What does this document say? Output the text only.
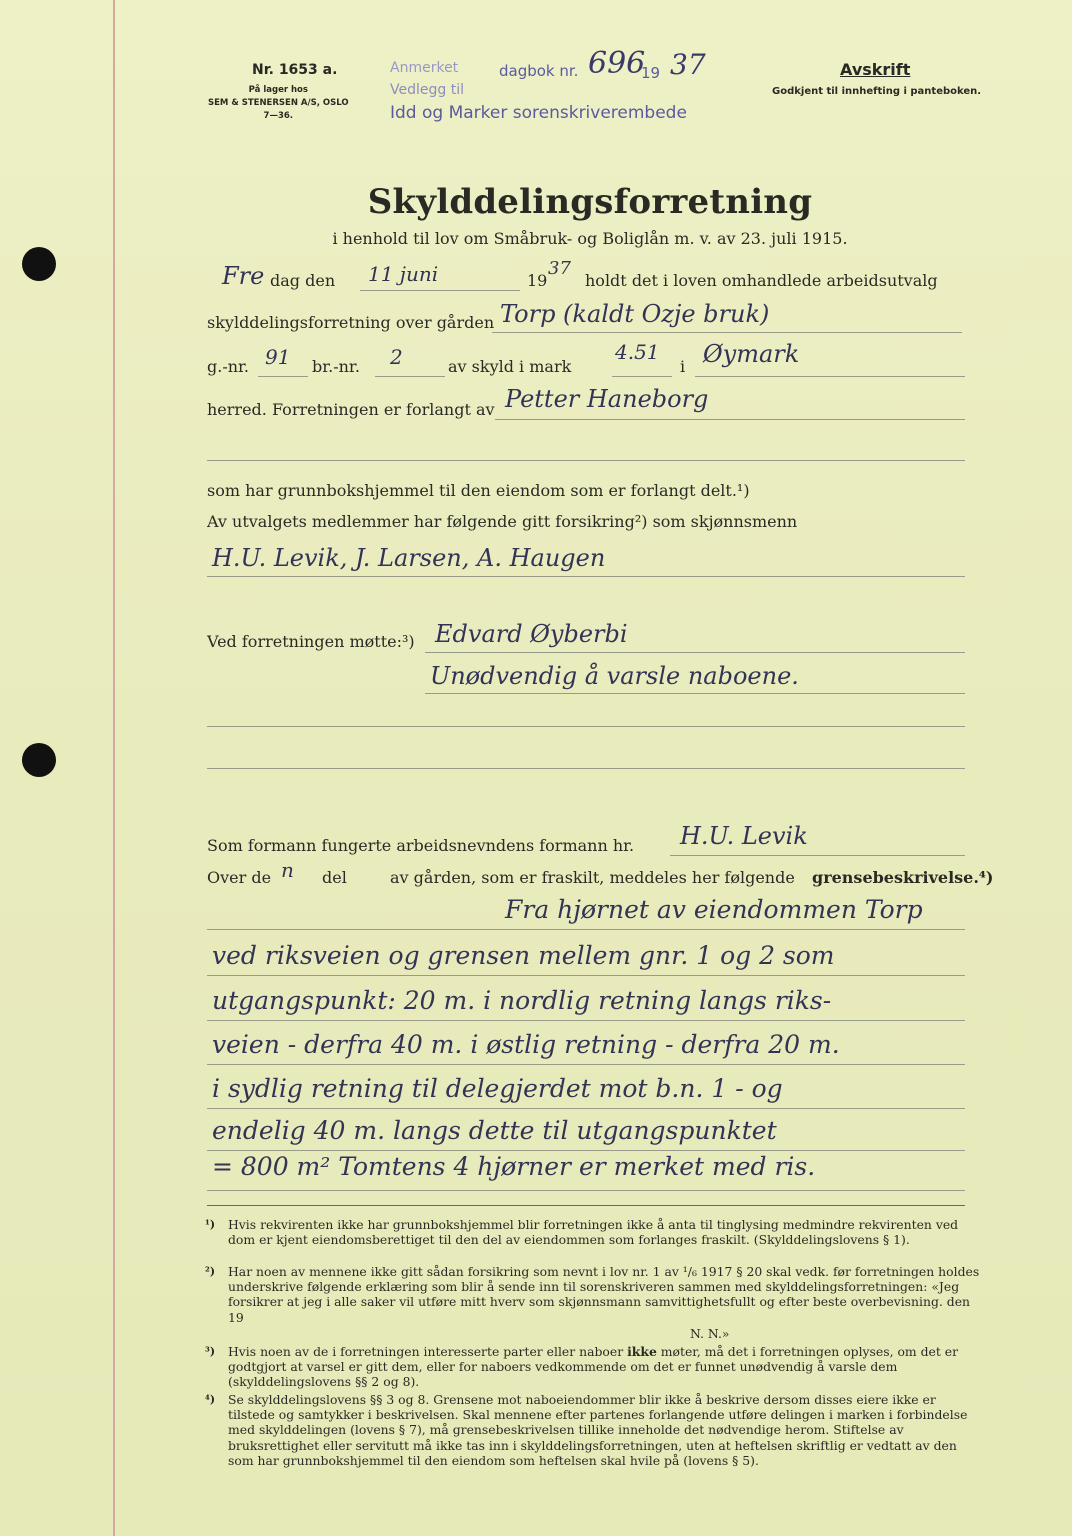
Nr. 1653 a.
På lager hos
SEM & STENERSEN A/S, OSLO
7—36.
Anmerket
Vedlegg til
dagbok nr. 696
19 37
Idd og Marker sorenskriverembede
Avskrift
Godkjent til innhefting i panteboken.
Skylddelingsforretning
i henhold til lov om Småbruk- og Boliglån m. v. av 23. juli 1915.
Fre dag den 11 juni	19
37
holdt det i loven omhandlede arbeidsutvalg
skylddelingsforretning over gården Torp (kaldt Ozje bruk)
g.-nr. 91 br.-nr. 2	av skyld i mark
4.51
i Øymark
herred. Forretningen er forlangt av Petter Haneborg
som har grunnbokshjemmel til den eiendom som er forlangt delt.¹)
Av utvalgets medlemmer har følgende gitt forsikring²) som skjønnsmenn
H.U. Levik, J. Larsen, A. Haugen
Ved forretningen møtte:³) Edvard Øyberbi
Unødvendig å varsle naboene.
Som formann fungerte arbeidsnevndens formann hr. H.U. Levik
Over de n del	av gården, som er fraskilt, meddeles her følgende grensebeskrivelse.⁴)
Fra hjørnet av eiendommen Torp
ved riksveien og grensen mellem gnr. 1 og 2 som
utgangspunkt: 20 m. i nordlig retning langs riks-
veien - derfra 40 m. i østlig retning - derfra 20 m.
i sydlig retning til delegjerdet mot b.n. 1 - og
endelig 40 m. langs dette til utgangspunktet
= 800 m² Tomtens 4 hjørner er merket med ris.
¹) Hvis rekvirenten ikke har grunnbokshjemmel blir forretningen ikke å anta til tinglysing medmindre rekvirenten ved dom er kjent eiendomsberettiget til den del av eiendommen som forlanges fraskilt. (Skylddelingslovens § 1).
²) Har noen av mennene ikke gitt sådan forsikring som nevnt i lov nr. 1 av ¹/₆ 1917 § 20 skal vedk. før forretningen holdes underskrive følgende erklæring som blir å sende inn til sorenskriveren sammen med skylddelingsforretningen: «Jeg forsikrer at jeg i alle saker vil utføre mitt hverv som skjønnsmann samvittighetsfullt og efter beste overbevisning. den 19
N. N.»
³) Hvis noen av de i forretningen interesserte parter eller naboer ikke møter, må det i forretningen oplyses, om det er godtgjort at varsel er gitt dem, eller for naboers vedkommende om det er funnet unødvendig å varsle dem (skylddelingslovens §§ 2 og 8).
⁴) Se skylddelingslovens §§ 3 og 8. Grensene mot naboeiendommer blir ikke å beskrive dersom disses eiere ikke er tilstede og samtykker i beskrivelsen. Skal mennene efter partenes forlangende utføre delingen i marken i forbindelse med skylddelingen (lovens § 7), må grensebeskrivelsen tillike inneholde det nødvendige herom. Stiftelse av bruksrettighet eller servitutt må ikke tas inn i skylddelingsforretningen, uten at heftelsen skriftlig er vedtatt av den som har grunnbokshjemmel til den eiendom som heftelsen skal hvile på (lovens § 5).
